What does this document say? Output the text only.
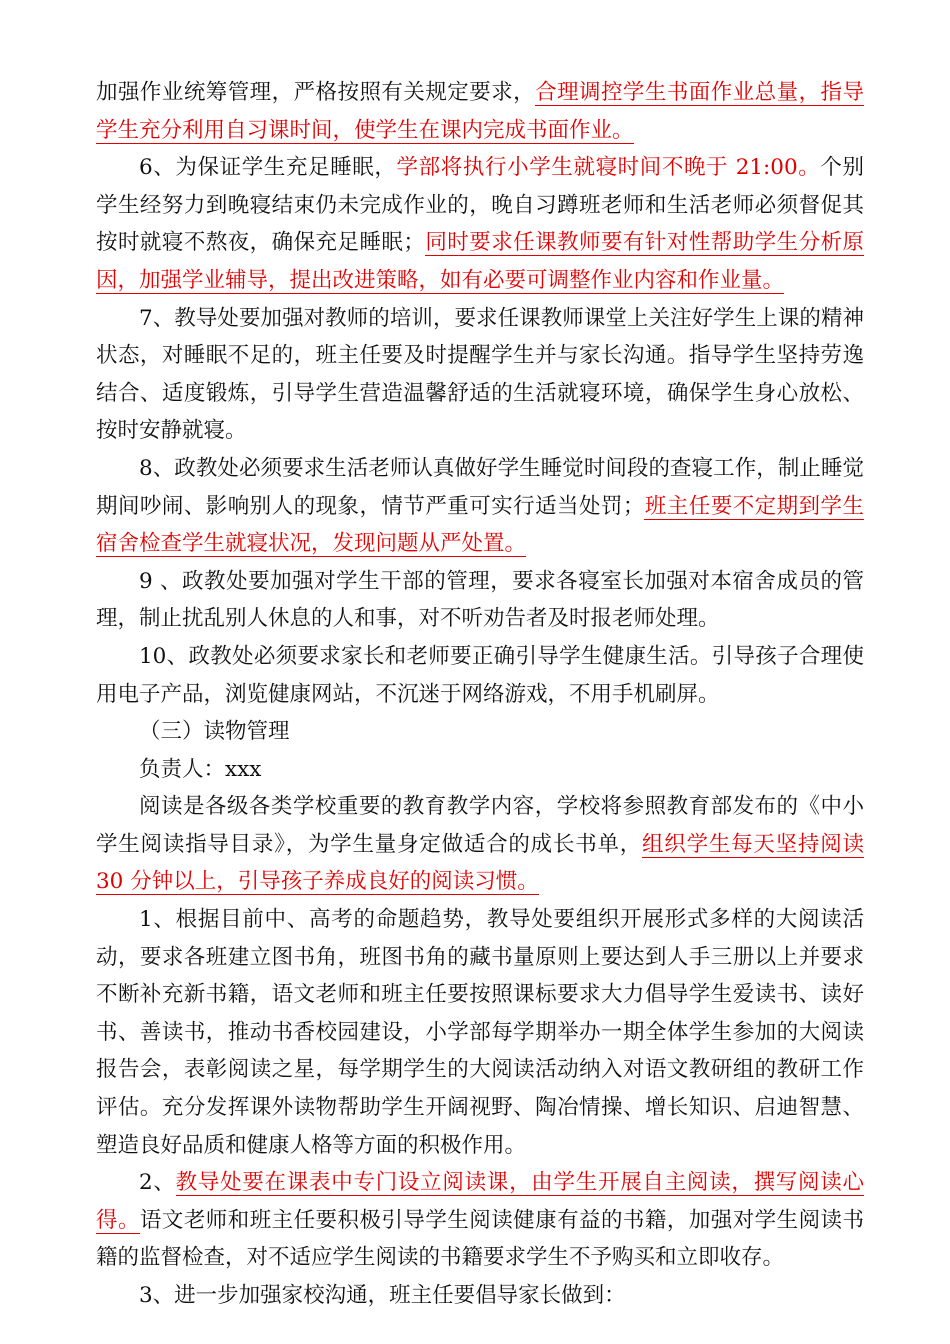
加强作业统筹管理，严格按照有关规定要求，合理调控学生书面作业总量，指导学生充分利用自习课时间，使学生在课内完成书面作业。

6、为保证学生充足睡眠，学部将执行小学生就寝时间不晚于 21:00。个别学生经努力到晚寝结束仍未完成作业的，晚自习蹲班老师和生活老师必须督促其按时就寝不熬夜，确保充足睡眠；同时要求任课教师要有针对性帮助学生分析原因，加强学业辅导，提出改进策略，如有必要可调整作业内容和作业量。

7、教导处要加强对教师的培训，要求任课教师课堂上关注好学生上课的精神状态，对睡眠不足的，班主任要及时提醒学生并与家长沟通。指导学生坚持劳逸结合、适度锻炼，引导学生营造温馨舒适的生活就寝环境，确保学生身心放松、按时安静就寝。

8、政教处必须要求生活老师认真做好学生睡觉时间段的查寝工作，制止睡觉期间吵闹、影响别人的现象，情节严重可实行适当处罚；班主任要不定期到学生宿舍检查学生就寝状况，发现问题从严处置。

9 、政教处要加强对学生干部的管理，要求各寝室长加强对本宿舍成员的管理，制止扰乱别人休息的人和事，对不听劝告者及时报老师处理。

10、政教处必须要求家长和老师要正确引导学生健康生活。引导孩子合理使用电子产品，浏览健康网站，不沉迷于网络游戏，不用手机刷屏。

（三）读物管理

负责人：xxx

阅读是各级各类学校重要的教育教学内容，学校将参照教育部发布的《中小学生阅读指导目录》，为学生量身定做适合的成长书单，组织学生每天坚持阅读 30 分钟以上，引导孩子养成良好的阅读习惯。

1、根据目前中、高考的命题趋势，教导处要组织开展形式多样的大阅读活动，要求各班建立图书角，班图书角的藏书量原则上要达到人手三册以上并要求不断补充新书籍，语文老师和班主任要按照课标要求大力倡导学生爱读书、读好书、善读书，推动书香校园建设，小学部每学期举办一期全体学生参加的大阅读报告会，表彰阅读之星，每学期学生的大阅读活动纳入对语文教研组的教研工作评估。充分发挥课外读物帮助学生开阔视野、陶冶情操、增长知识、启迪智慧、塑造良好品质和健康人格等方面的积极作用。

2、教导处要在课表中专门设立阅读课，由学生开展自主阅读，撰写阅读心得。语文老师和班主任要积极引导学生阅读健康有益的书籍，加强对学生阅读书籍的监督检查，对不适应学生阅读的书籍要求学生不予购买和立即收存。

3、进一步加强家校沟通，班主任要倡导家长做到：
